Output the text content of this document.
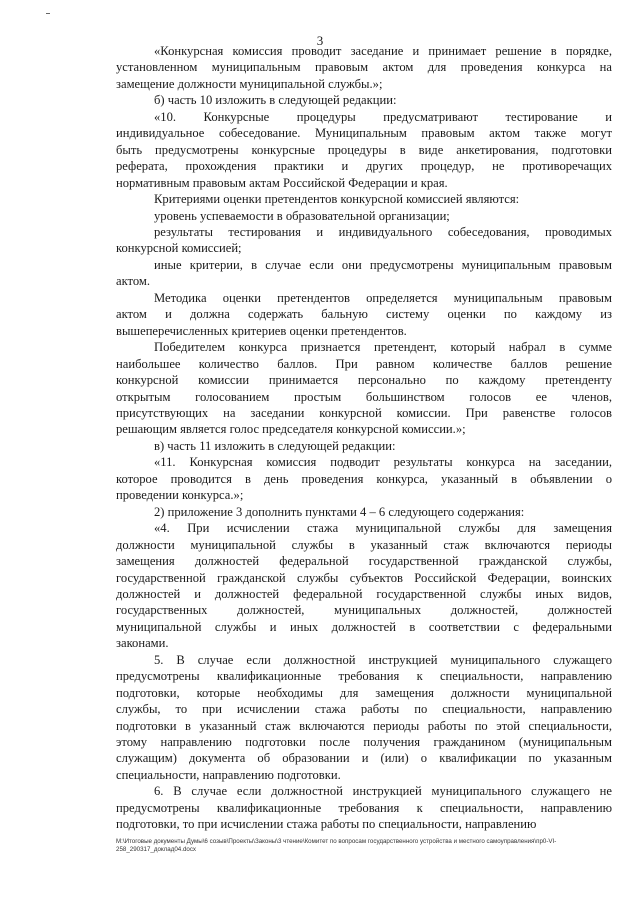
3

«Конкурсная комиссия проводит заседание и принимает решение в порядке,
установленном муниципальным правовым актом для проведения конкурса на
замещение должности муниципальной службы.»;

б) часть 10 изложить в следующей редакции:

«10. Конкурсные процедуры предусматривают тестирование и
индивидуальное собеседование. Муниципальным правовым актом также могут
быть предусмотрены конкурсные процедуры в виде анкетирования, подготовки
реферата, прохождения практики и других процедур, не противоречащих
нормативным правовым актам Российской Федерации и края.

Критериями оценки претендентов конкурсной комиссией являются:

уровень успеваемости в образовательной организации;

результаты тестирования и индивидуального собеседования, проводимых
конкурсной комиссией;

иные критерии, в случае если они предусмотрены муниципальным правовым
актом.

Методика оценки претендентов определяется муниципальным правовым
актом и должна содержать бальную систему оценки по каждому из
вышеперечисленных критериев оценки претендентов.

Победителем конкурса признается претендент, который набрал в сумме
наибольшее количество баллов. При равном количестве баллов решение
конкурсной комиссии принимается персонально по каждому претенденту
открытым голосованием простым большинством голосов ее членов,
присутствующих на заседании конкурсной комиссии. При равенстве голосов
решающим является голос председателя конкурсной комиссии.»;

в) часть 11 изложить в следующей редакции:

«11. Конкурсная комиссия подводит результаты конкурса на заседании,
которое проводится в день проведения конкурса, указанный в объявлении о
проведении конкурса.»;

2) приложение 3 дополнить пунктами 4 – 6 следующего содержания:

«4. При исчислении стажа муниципальной службы для замещения
должности муниципальной службы в указанный стаж включаются периоды
замещения должностей федеральной государственной гражданской службы,
государственной гражданской службы субъектов Российской Федерации, воинских
должностей и должностей федеральной государственной службы иных видов,
государственных должностей, муниципальных должностей, должностей
муниципальной службы и иных должностей в соответствии с федеральными
законами.

5. В случае если должностной инструкцией муниципального служащего
предусмотрены квалификационные требования к специальности, направлению
подготовки, которые необходимы для замещения должности муниципальной
службы, то при исчислении стажа работы по специальности, направлению
подготовки в указанный стаж включаются периоды работы по этой специальности,
этому направлению подготовки после получения гражданином (муниципальным
служащим) документа об образовании и (или) о квалификации по указанным
специальности, направлению подготовки.

6. В случае если должностной инструкцией муниципального служащего не
предусмотрены квалификационные требования к специальности, направлению
подготовки, то при исчислении стажа работы по специальности, направлению

M:\Итоговые документы Думы\6 созыв\Проекты\Законы\3 чтение\Комитет по вопросам государственного устройства и местного самоуправления\пр0-VI-
258_290317_доклад04.docx
